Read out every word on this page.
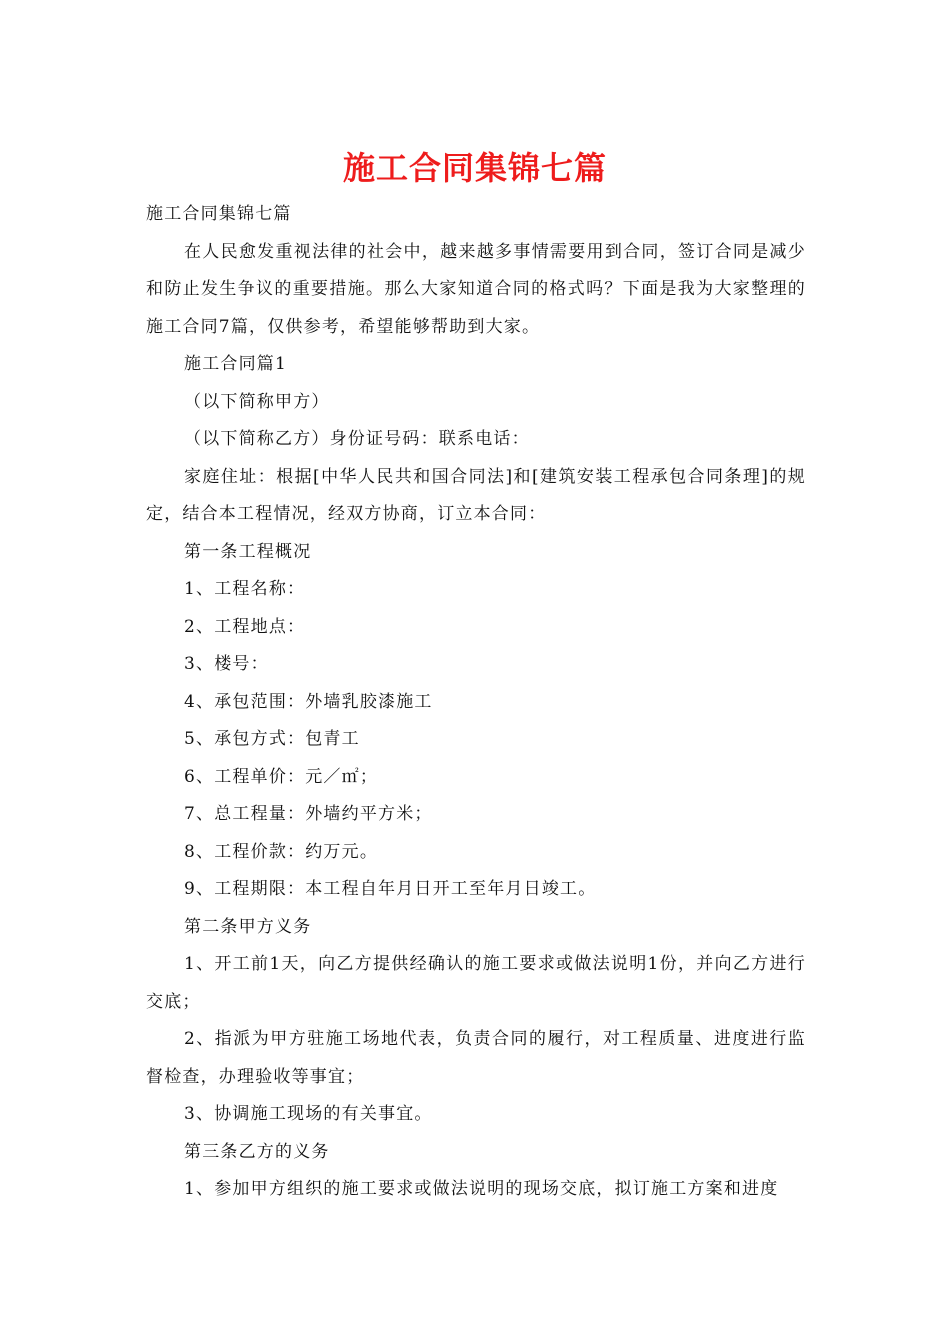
施工合同集锦七篇

施工合同集锦七篇

在人民愈发重视法律的社会中，越来越多事情需要用到合同，签订合同是减少和防止发生争议的重要措施。那么大家知道合同的格式吗？下面是我为大家整理的施工合同7篇，仅供参考，希望能够帮助到大家。

施工合同篇1

（以下简称甲方）

（以下简称乙方）身份证号码：联系电话：

家庭住址：根据[中华人民共和国合同法]和[建筑安装工程承包合同条理]的规定，结合本工程情况，经双方协商，订立本合同：

第一条工程概况

1、工程名称：

2、工程地点：

3、楼号：

4、承包范围：外墙乳胶漆施工

5、承包方式：包青工

6、工程单价：元／㎡；

7、总工程量：外墙约平方米；

8、工程价款：约万元。

9、工程期限：本工程自年月日开工至年月日竣工。

第二条甲方义务

1、开工前1天，向乙方提供经确认的施工要求或做法说明1份，并向乙方进行交底；

2、指派为甲方驻施工场地代表，负责合同的履行，对工程质量、进度进行监督检查，办理验收等事宜；

3、协调施工现场的有关事宜。

第三条乙方的义务

1、参加甲方组织的施工要求或做法说明的现场交底，拟订施工方案和进度
